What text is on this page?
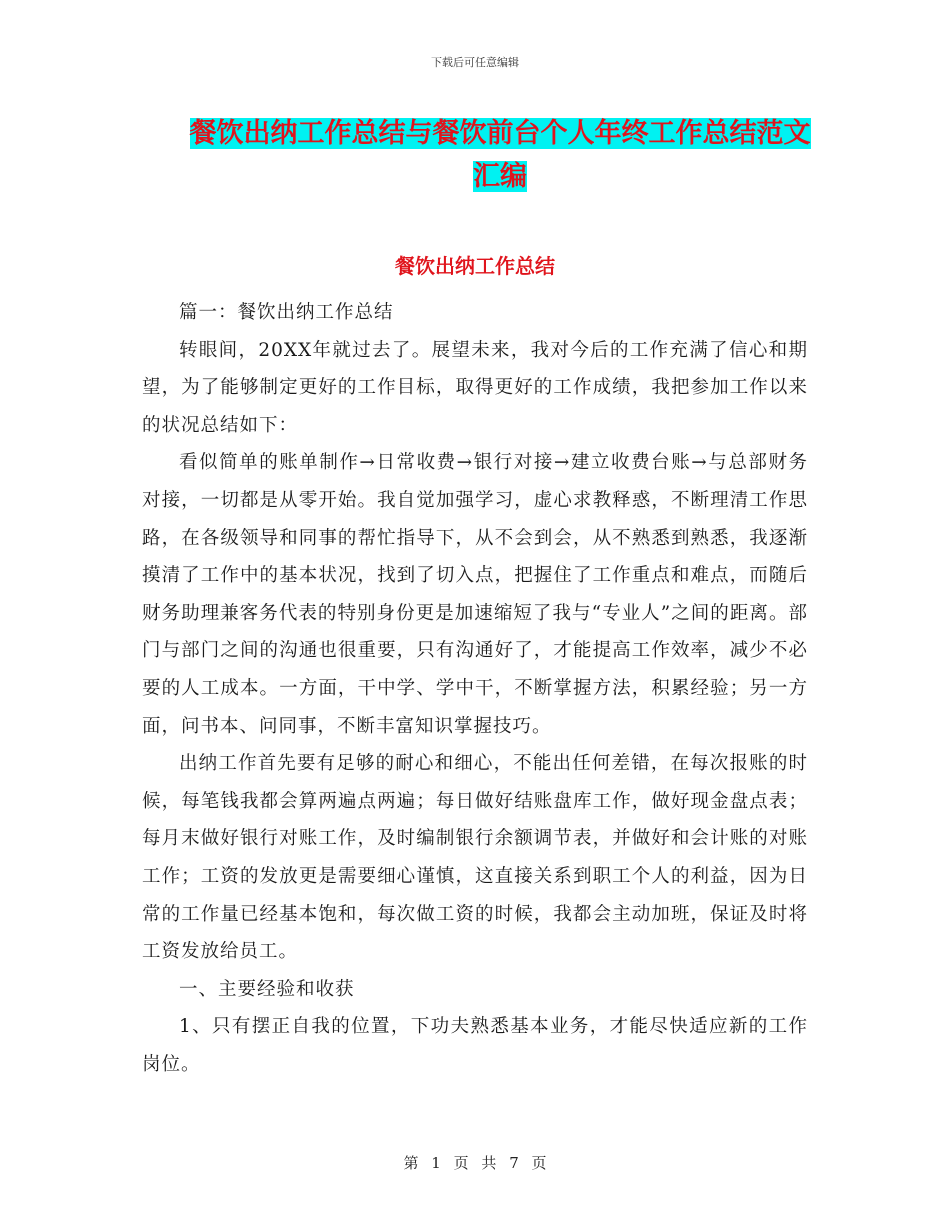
下载后可任意编辑
餐饮出纳工作总结与餐饮前台个人年终工作总结范文
汇编
餐饮出纳工作总结

篇一：餐饮出纳工作总结

转眼间，20XX年就过去了。展望未来，我对今后的工作充满了信心和期望，为了能够制定更好的工作目标，取得更好的工作成绩，我把参加工作以来的状况总结如下：

看似简单的账单制作→日常收费→银行对接→建立收费台账→与总部财务对接，一切都是从零开始。我自觉加强学习，虚心求教释惑，不断理清工作思路，在各级领导和同事的帮忙指导下，从不会到会，从不熟悉到熟悉，我逐渐摸清了工作中的基本状况，找到了切入点，把握住了工作重点和难点，而随后财务助理兼客务代表的特别身份更是加速缩短了我与“专业人”之间的距离。部门与部门之间的沟通也很重要，只有沟通好了，才能提高工作效率，减少不必要的人工成本。一方面，干中学、学中干，不断掌握方法，积累经验；另一方面，问书本、问同事，不断丰富知识掌握技巧。

出纳工作首先要有足够的耐心和细心，不能出任何差错，在每次报账的时候，每笔钱我都会算两遍点两遍；每日做好结账盘库工作，做好现金盘点表；每月末做好银行对账工作，及时编制银行余额调节表，并做好和会计账的对账工作；工资的发放更是需要细心谨慎，这直接关系到职工个人的利益，因为日常的工作量已经基本饱和，每次做工资的时候，我都会主动加班，保证及时将工资发放给员工。

一、主要经验和收获

1、只有摆正自我的位置，下功夫熟悉基本业务，才能尽快适应新的工作岗位。

第 1 页 共 7 页
